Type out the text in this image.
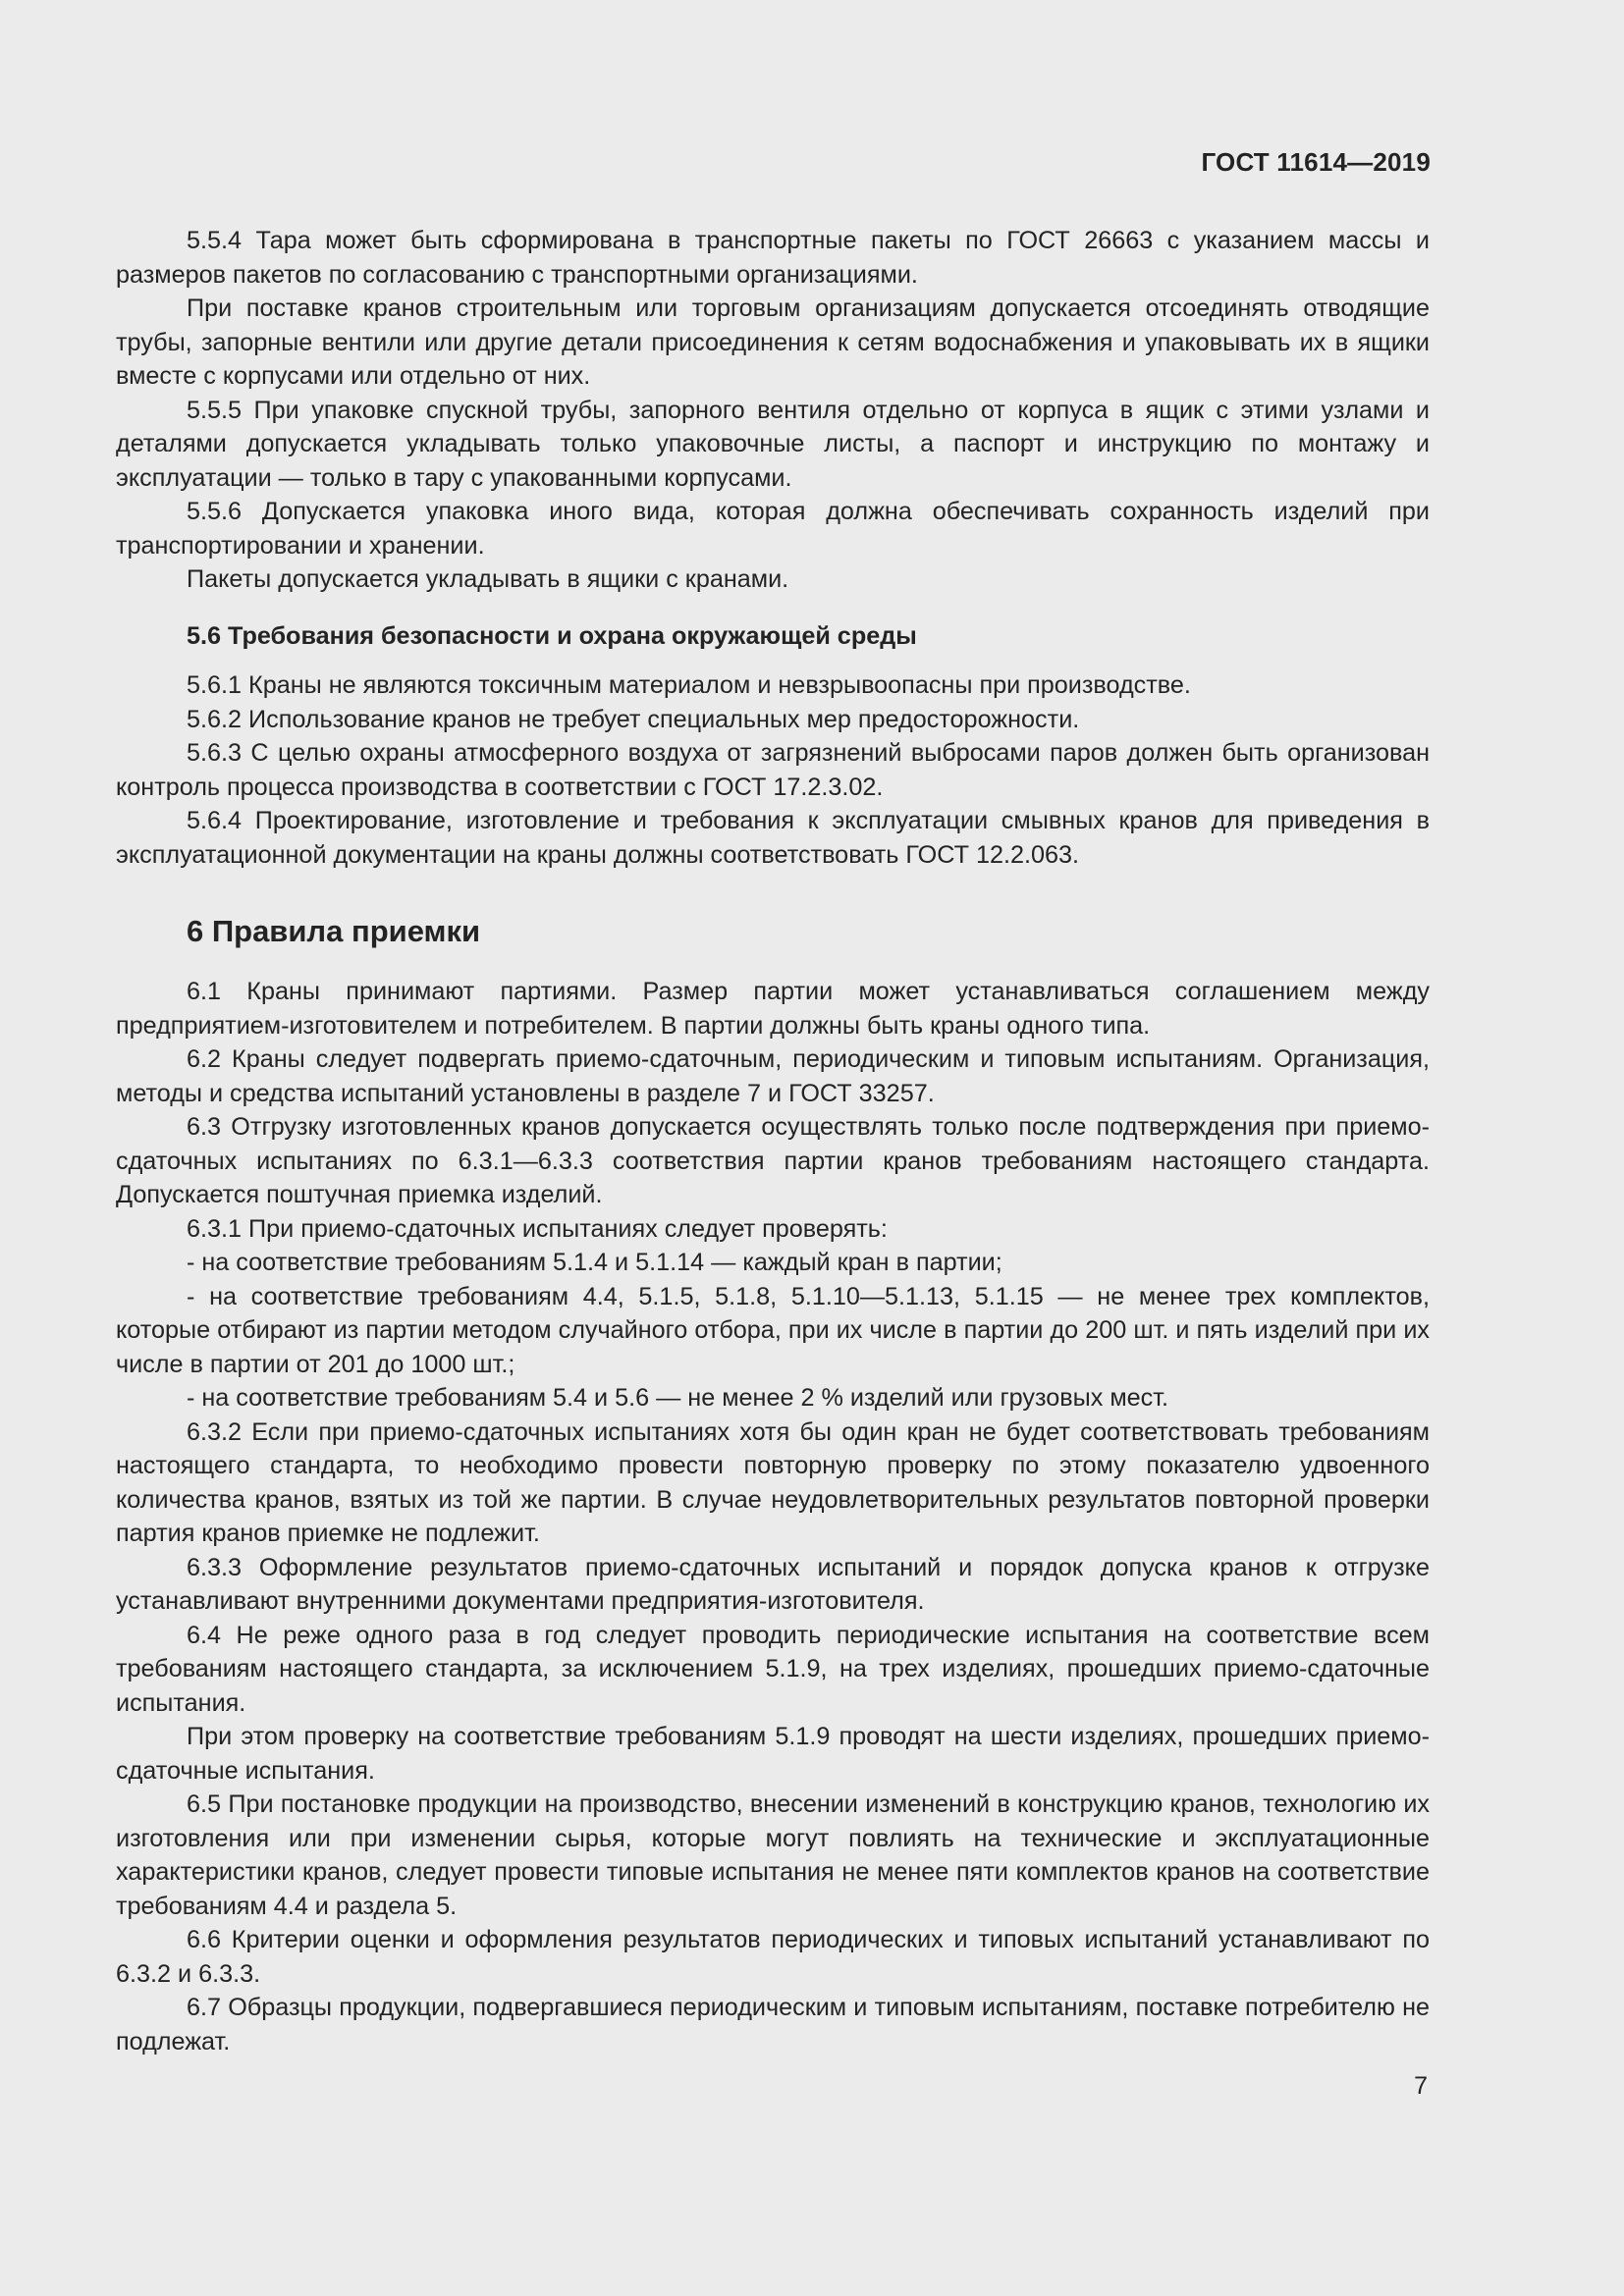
ГОСТ 11614—2019

5.5.4 Тара может быть сформирована в транспортные пакеты по ГОСТ 26663 с указанием массы и размеров пакетов по согласованию с транспортными организациями.

При поставке кранов строительным или торговым организациям допускается отсоединять отводящие трубы, запорные вентили или другие детали присоединения к сетям водоснабжения и упаковывать их в ящики вместе с корпусами или отдельно от них.

5.5.5 При упаковке спускной трубы, запорного вентиля отдельно от корпуса в ящик с этими узлами и деталями допускается укладывать только упаковочные листы, а паспорт и инструкцию по монтажу и эксплуатации — только в тару с упакованными корпусами.

5.5.6 Допускается упаковка иного вида, которая должна обеспечивать сохранность изделий при транспортировании и хранении.

Пакеты допускается укладывать в ящики с кранами.

5.6 Требования безопасности и охрана окружающей среды

5.6.1 Краны не являются токсичным материалом и невзрывоопасны при производстве.

5.6.2 Использование кранов не требует специальных мер предосторожности.

5.6.3 С целью охраны атмосферного воздуха от загрязнений выбросами паров должен быть организован контроль процесса производства в соответствии с ГОСТ 17.2.3.02.

5.6.4 Проектирование, изготовление и требования к эксплуатации смывных кранов для приведения в эксплуатационной документации на краны должны соответствовать ГОСТ 12.2.063.

6 Правила приемки

6.1 Краны принимают партиями. Размер партии может устанавливаться соглашением между предприятием-изготовителем и потребителем. В партии должны быть краны одного типа.

6.2 Краны следует подвергать приемо-сдаточным, периодическим и типовым испытаниям. Организация, методы и средства испытаний установлены в разделе 7 и ГОСТ 33257.

6.3 Отгрузку изготовленных кранов допускается осуществлять только после подтверждения при приемо-сдаточных испытаниях по 6.3.1—6.3.3 соответствия партии кранов требованиям настоящего стандарта. Допускается поштучная приемка изделий.

6.3.1 При приемо-сдаточных испытаниях следует проверять:

- на соответствие требованиям 5.1.4 и 5.1.14 — каждый кран в партии;

- на соответствие требованиям 4.4, 5.1.5, 5.1.8, 5.1.10—5.1.13, 5.1.15 — не менее трех комплектов, которые отбирают из партии методом случайного отбора, при их числе в партии до 200 шт. и пять изделий при их числе в партии от 201 до 1000 шт.;

- на соответствие требованиям 5.4 и 5.6 — не менее 2 % изделий или грузовых мест.

6.3.2 Если при приемо-сдаточных испытаниях хотя бы один кран не будет соответствовать требованиям настоящего стандарта, то необходимо провести повторную проверку по этому показателю удвоенного количества кранов, взятых из той же партии. В случае неудовлетворительных результатов повторной проверки партия кранов приемке не подлежит.

6.3.3 Оформление результатов приемо-сдаточных испытаний и порядок допуска кранов к отгрузке устанавливают внутренними документами предприятия-изготовителя.

6.4 Не реже одного раза в год следует проводить периодические испытания на соответствие всем требованиям настоящего стандарта, за исключением 5.1.9, на трех изделиях, прошедших приемо-сдаточные испытания.

При этом проверку на соответствие требованиям 5.1.9 проводят на шести изделиях, прошедших приемо-сдаточные испытания.

6.5 При постановке продукции на производство, внесении изменений в конструкцию кранов, технологию их изготовления или при изменении сырья, которые могут повлиять на технические и эксплуатационные характеристики кранов, следует провести типовые испытания не менее пяти комплектов кранов на соответствие требованиям 4.4 и раздела 5.

6.6 Критерии оценки и оформления результатов периодических и типовых испытаний устанавливают по 6.3.2 и 6.3.3.

6.7 Образцы продукции, подвергавшиеся периодическим и типовым испытаниям, поставке потребителю не подлежат.

7
